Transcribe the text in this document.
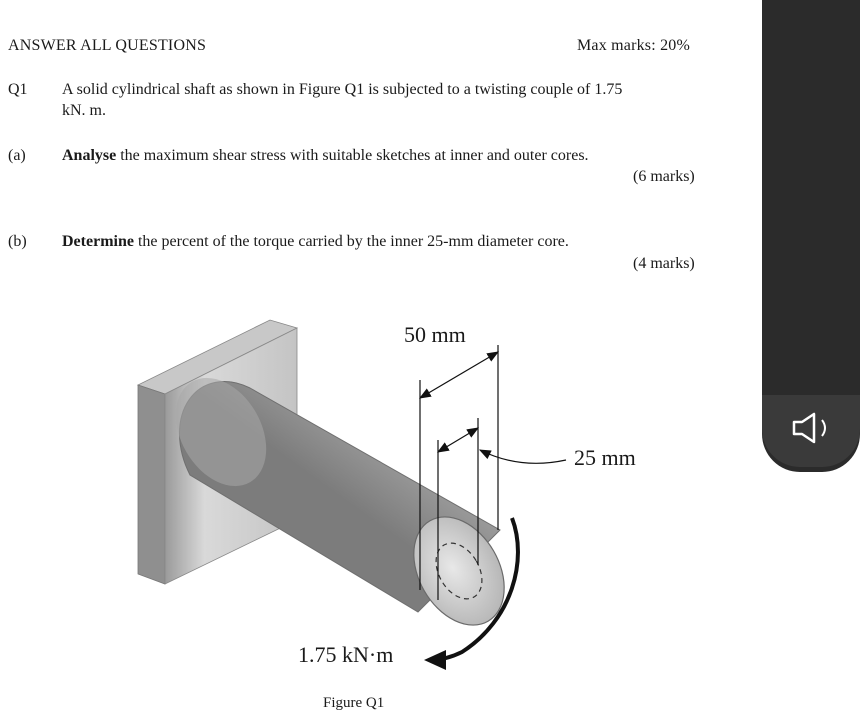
ANSWER ALL QUESTIONS	Max marks: 20%
Q1 A solid cylindrical shaft as shown in Figure Q1 is subjected to a twisting couple of 1.75
kN. m.
(a) Analyse the maximum shear stress with suitable sketches at inner and outer cores.
(6 marks)
(b) Determine the percent of the torque carried by the inner 25-mm diameter core.
(4 marks)
50 mm
25 mm
1.75 kN·m
Figure Q1
